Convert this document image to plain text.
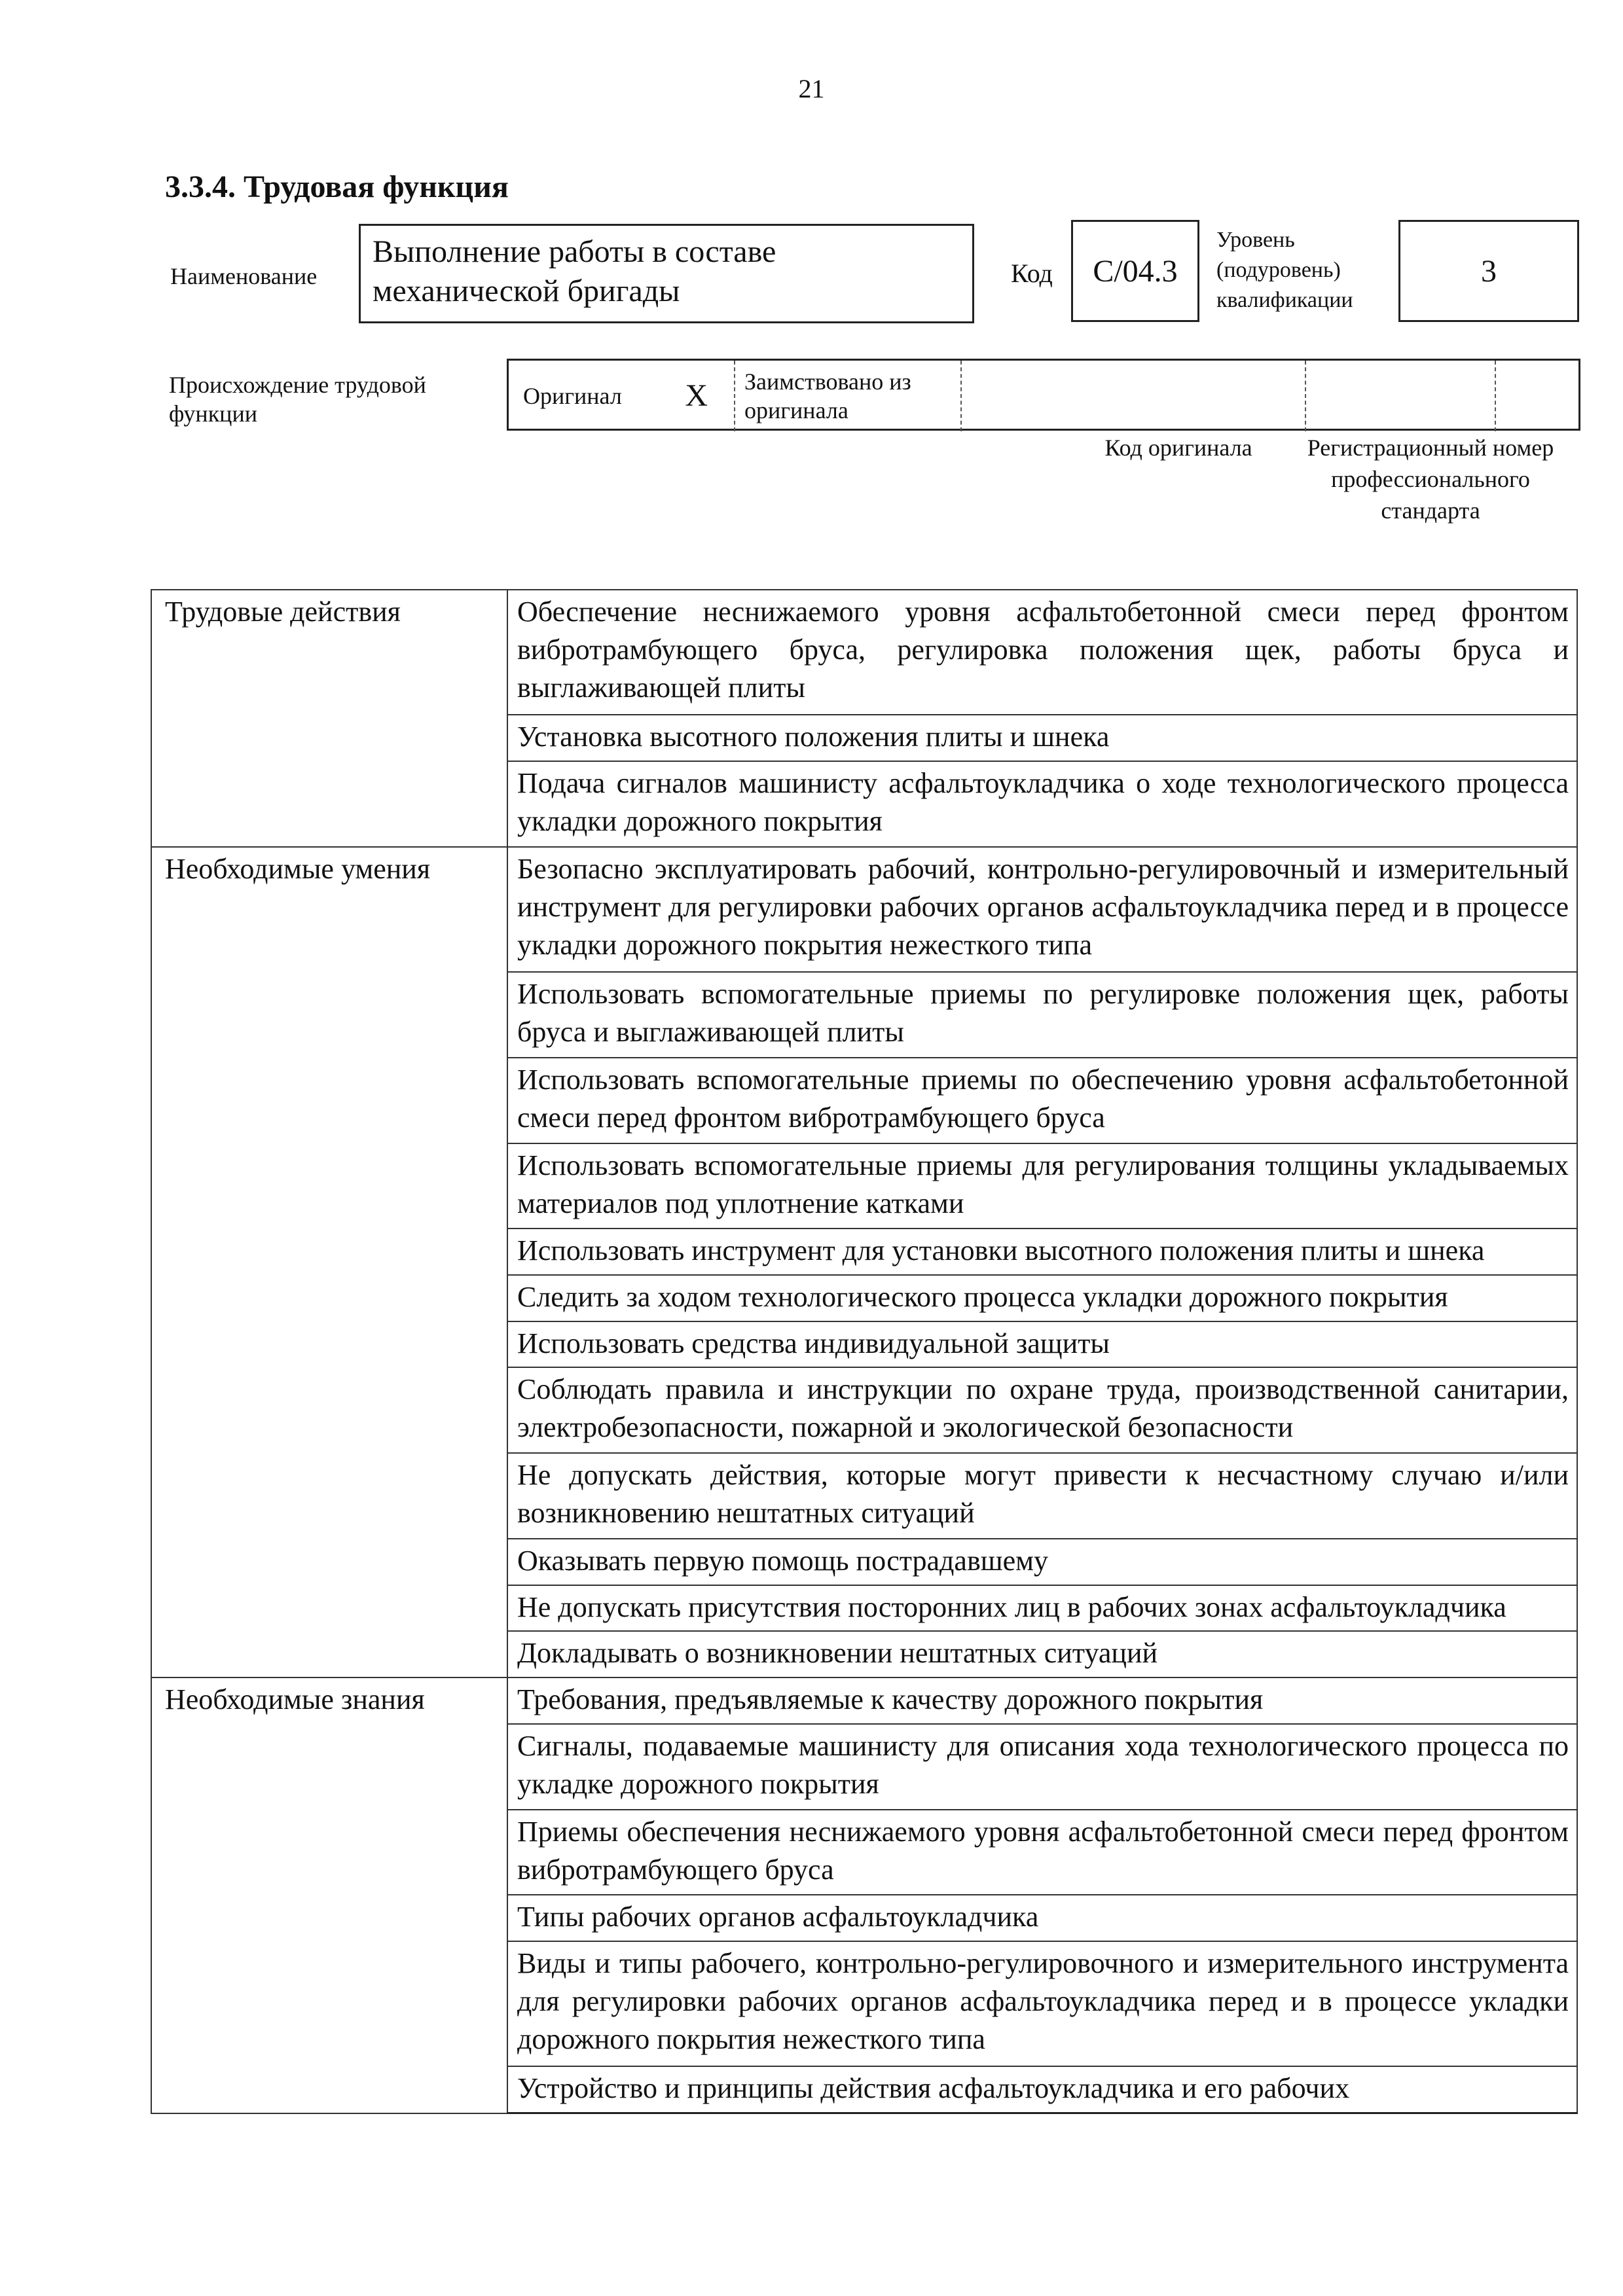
21
3.3.4. Трудовая функция
Наименование
Выполнение работы в составе механической бригады
Код	С/04.3
Уровень (подуровень) квалификации
3
Происхождение трудовой функции
Оригинал X	Заимствовано из оригинала
Код оригинала	Регистрационный номер профессионального стандарта
Трудовые действия	Обеспечение неснижаемого уровня асфальтобетонной смеси перед фронтом вибротрамбующего бруса, регулировка положения щек, работы бруса и выглаживающей плиты
	Установка высотного положения плиты и шнека
	Подача сигналов машинисту асфальтоукладчика о ходе технологического процесса укладки дорожного покрытия
Необходимые умения	Безопасно эксплуатировать рабочий, контрольно-регулировочный и измерительный инструмент для регулировки рабочих органов асфальтоукладчика перед и в процессе укладки дорожного покрытия нежесткого типа
	Использовать вспомогательные приемы по регулировке положения щек, работы бруса и выглаживающей плиты
	Использовать вспомогательные приемы по обеспечению уровня асфальтобетонной смеси перед фронтом вибротрамбующего бруса
	Использовать вспомогательные приемы для регулирования толщины укладываемых материалов под уплотнение катками
	Использовать инструмент для установки высотного положения плиты и шнека
	Следить за ходом технологического процесса укладки дорожного покрытия
	Использовать средства индивидуальной защиты
	Соблюдать правила и инструкции по охране труда, производственной санитарии, электробезопасности, пожарной и экологической безопасности
	Не допускать действия, которые могут привести к несчастному случаю и/или возникновению нештатных ситуаций
	Оказывать первую помощь пострадавшему
	Не допускать присутствия посторонних лиц в рабочих зонах асфальтоукладчика
	Докладывать о возникновении нештатных ситуаций
Необходимые знания	Требования, предъявляемые к качеству дорожного покрытия
	Сигналы, подаваемые машинисту для описания хода технологического процесса по укладке дорожного покрытия
	Приемы обеспечения неснижаемого уровня асфальтобетонной смеси перед фронтом вибротрамбующего бруса
	Типы рабочих органов асфальтоукладчика
	Виды и типы рабочего, контрольно-регулировочного и измерительного инструмента для регулировки рабочих органов асфальтоукладчика перед и в процессе укладки дорожного покрытия нежесткого типа
	Устройство и принципы действия асфальтоукладчика и его рабочих
